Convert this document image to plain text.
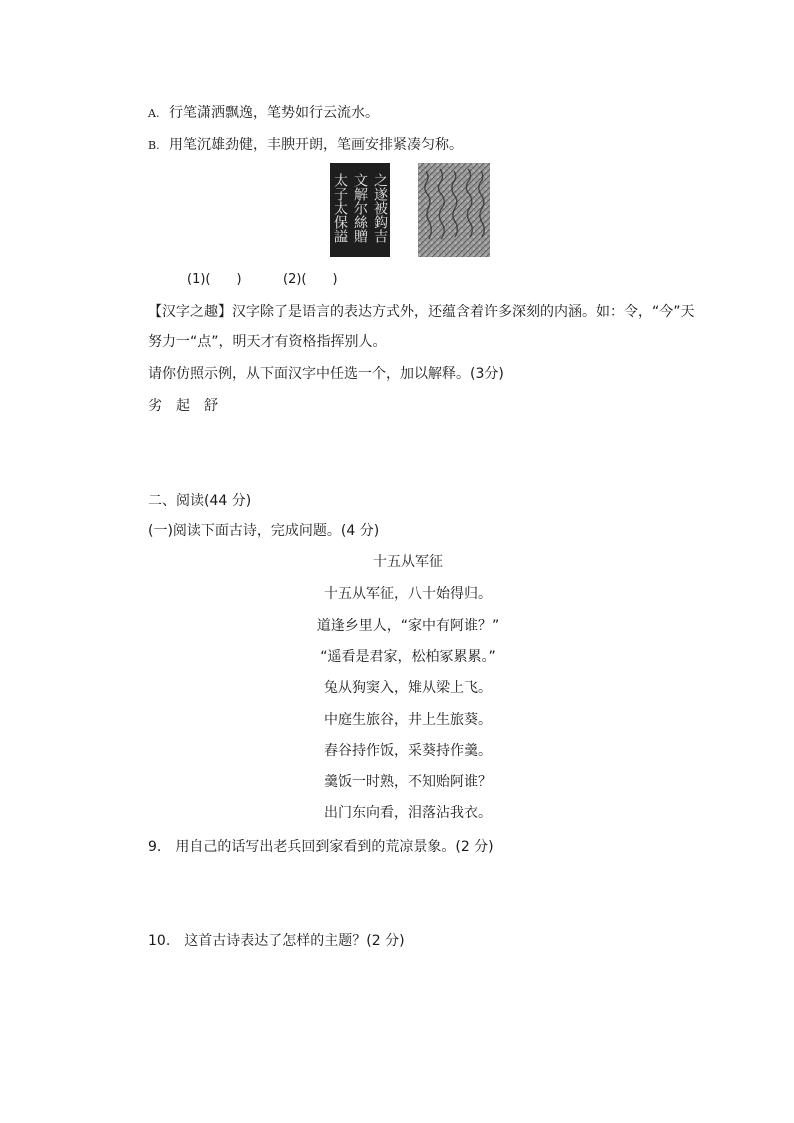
A. 行笔潇洒飘逸，笔势如行云流水。
B. 用笔沉雄劲健，丰腴开朗，笔画安排紧凑匀称。
之遂被鈎吉
文解尔絲贈
太子太保謚
(1)(　　)	(2)(　　)
【汉字之趣】汉字除了是语言的表达方式外，还蕴含着许多深刻的内涵。如：令，“今”天
努力一“点”，明天才有资格指挥别人。
请你仿照示例，从下面汉字中任选一个，加以解释。(3分)
劣　起　舒
二、阅读(44 分)
(一)阅读下面古诗，完成问题。(4 分)
十五从军征
十五从军征，八十始得归。
道逢乡里人，“家中有阿谁？”
“遥看是君家，松柏冢累累。”
兔从狗窦入，雉从梁上飞。
中庭生旅谷，井上生旅葵。
舂谷持作饭，采葵持作羹。
羹饭一时熟，不知贻阿谁？
出门东向看，泪落沾我衣。
9.　用自己的话写出老兵回到家看到的荒凉景象。(2 分)
10.　这首古诗表达了怎样的主题？(2 分)
